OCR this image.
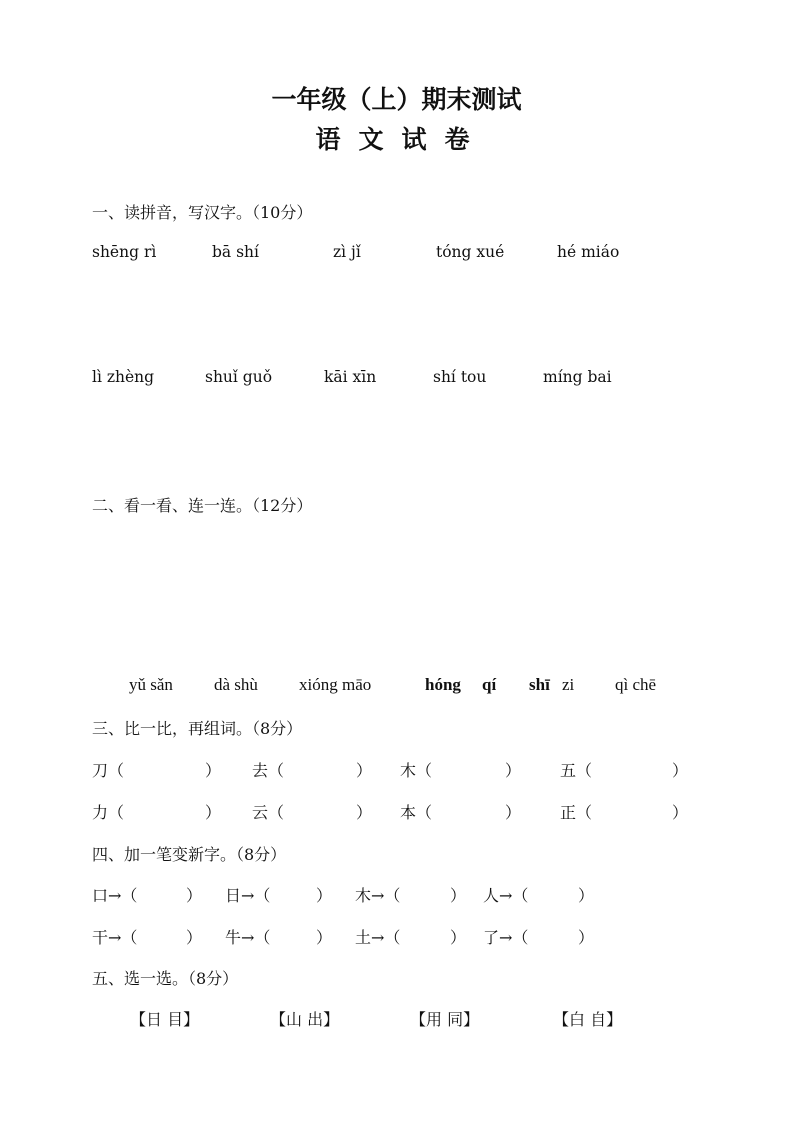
一年级（上）期末测试
语文试卷
一、读拼音，写汉字。（10分）
shēng rì	bā shí	zì jǐ	tóng xué	hé miáo
lì zhèng	shuǐ guǒ	kāi xīn	shí tou	míng bai
二、看一看、连一连。（12分）
yǔ sǎn dà shù xióng māo	hóng qí shī zi qì chē
三、比一比，再组词。（8分）
刀（	） 去（	） 木（	） 五（	）
力（	） 云（	） 本（	） 正（	）
四、加一笔变新字。（8分）
口→（	） 日→（	） 木→（	） 人→（	）
干→（	） 牛→（	） 土→（	） 了→（	）
五、选一选。（8分）
【日 目】	【山 出】	【用 同】	【白 自】
